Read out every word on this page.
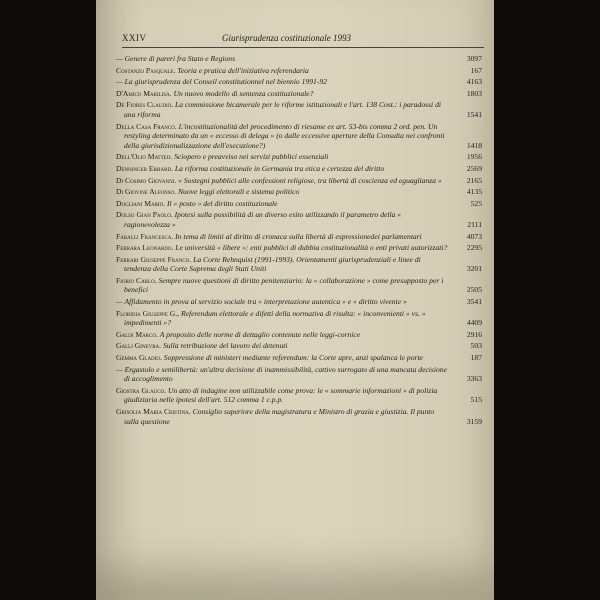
XXIV	Giurisprudenza costituzionale 1993
— Genere di pareri fra Stato e Regions	3097
Costanzo Pasquale. Teoria e pratica dell'iniziativa referendaria	167
— La giurisprudenza del Conseil constitutionnel nel biennio 1991-92	4163
D'Amico Marilisa. Un nuovo modello di sentenza costituzionale?	1803
De Fiores Claudio. La commissione bicamerale per le riforme istituzionali e l'art. 138 Cost.: i paradossi di una riforma	1541
Della Casa Franco. L'incostituzionalità del procedimento di riesame ex art. 53-bis comma 2 ord. pen. Un restyling determinato da un « eccesso di delega » (o dalle eccessive aperture della Consulta nei confronti della giurisdizionalizzazione dell'esecuzione?)	1418
Dell'Olio Matteo. Sciopero e preavviso nei servizi pubblici essenziali	1956
Denninger Erhard. La riforma costituzionale in Germania tra etica e certezza del diritto	2569
Di Cosimo Giovanni. « Sostegni pubblici alle confessioni religiose, tra libertà di coscienza ed eguaglianza »	2165
Di Giovine Alfonso. Nuove leggi elettorali e sistema politico	4135
Dogliani Mario. Il « posto » del diritto costituzionale	525
Dolso Gian Paolo. Ipotesi sulla possibilità di un diverso esito utilizzando il parametro della « ragionevolezza »	2111
Faralli Francesca. In tema di limiti al diritto di cronaca sulla libertà di espressionedei parlamentari	4073
Ferrara Leonardo. Le università « libere »: enti pubblici di dubbia costituzionalità o enti privati autorizzati?	2295
Ferrari Giuseppe Franco. La Corte Rehnquist (1991-1993). Orientamenti giurisprudenziali e linee di tendenza della Corte Suprema degli Stati Uniti	3201
Fiorio Carlo. Sempre nuove questioni di diritto penitenziario: la « collaborazione » come presupposto per i benefici	2505
— Affidamento in prova al servizio sociale tra « interpretazione autentica » e « diritto vivente »	3541
Floridia Giuseppe G., Referendum elettorale e difetti della normativa di risulta: « inconvenienti » vs. « impedimenti »?	4409
Galdi Marco. A proposito delle norme di dettaglio contenute nelle leggi-cornice	2916
Galli Ginevra. Sulla retribuzione del lavoro dei detenuti	503
Gemma Gladio. Soppressione di ministeri mediante referendum: la Corte apre, anzi spalanca le porte	187
— Ergastolo e semilibertà: un'altra decisione di inammissibilità, cattivo surrogato di una mancata decisione di accoglimento	3363
Giostra Glauco. Un atto di indagine non utilizzabile come prova: le « sommarie informazioni » di polizia giudiziaria nelle ipotesi dell'art. 512 comma 1 c.p.p.	515
Grisolia Maria Cristina. Consiglio superiore della magistratura e Ministro di grazia e giustizia. Il punto sulla questione	3159
